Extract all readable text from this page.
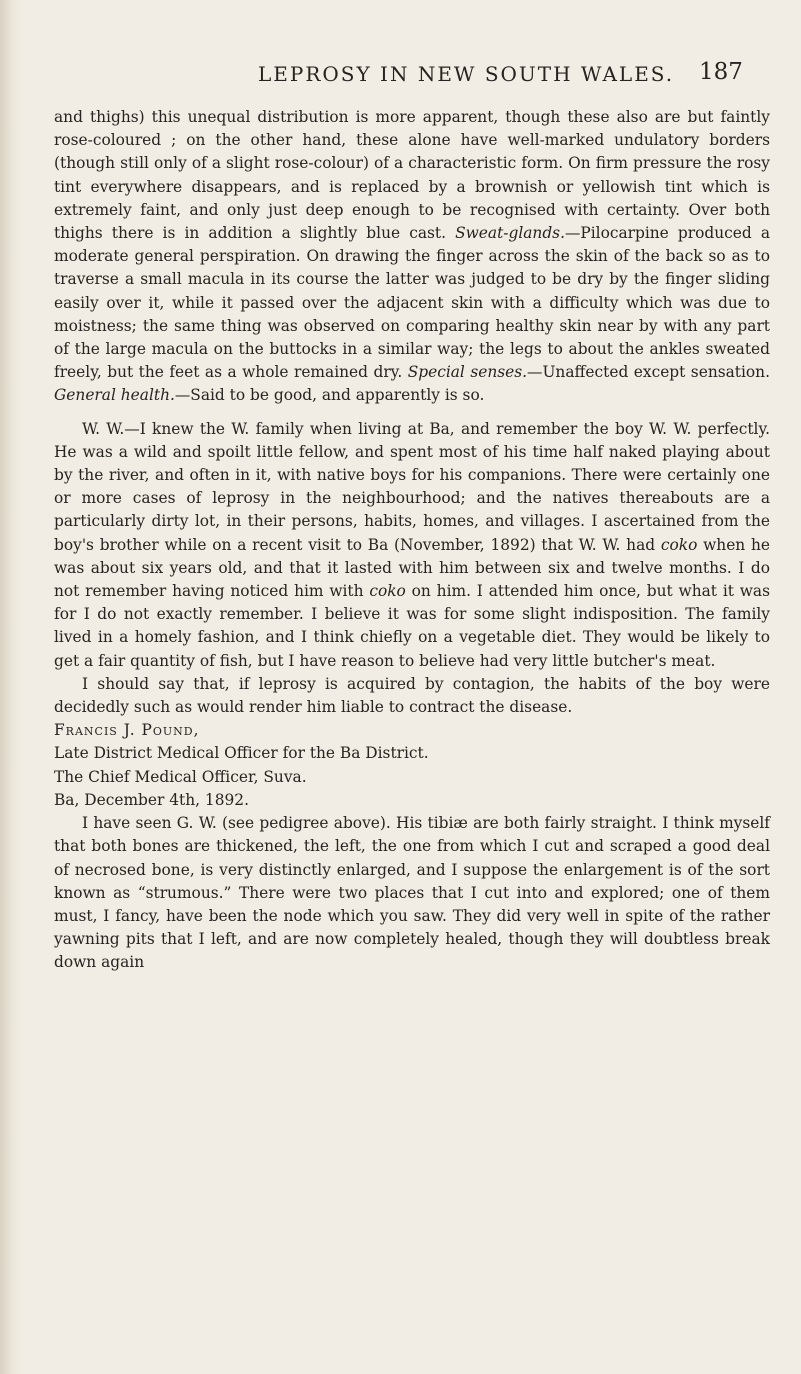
LEPROSY IN NEW SOUTH WALES. 187

and thighs) this unequal distribution is more apparent, though these also are but faintly rose-coloured ; on the other hand, these alone have well-marked undulatory borders (though still only of a slight rose-colour) of a characteristic form. On firm pressure the rosy tint everywhere disappears, and is replaced by a brownish or yellowish tint which is extremely faint, and only just deep enough to be recognised with certainty. Over both thighs there is in addition a slightly blue cast. Sweat-glands.—Pilocarpine produced a moderate general perspiration. On drawing the finger across the skin of the back so as to traverse a small macula in its course the latter was judged to be dry by the finger sliding easily over it, while it passed over the adjacent skin with a difficulty which was due to moistness; the same thing was observed on comparing healthy skin near by with any part of the large macula on the buttocks in a similar way; the legs to about the ankles sweated freely, but the feet as a whole remained dry. Special senses.—Unaffected except sensation. General health.—Said to be good, and apparently is so.

W. W.—I knew the W. family when living at Ba, and remember the boy W. W. perfectly. He was a wild and spoilt little fellow, and spent most of his time half naked playing about by the river, and often in it, with native boys for his companions. There were certainly one or more cases of leprosy in the neighbourhood; and the natives thereabouts are a particularly dirty lot, in their persons, habits, homes, and villages. I ascertained from the boy's brother while on a recent visit to Ba (November, 1892) that W. W. had coko when he was about six years old, and that it lasted with him between six and twelve months. I do not remember having noticed him with coko on him. I attended him once, but what it was for I do not exactly remember. I believe it was for some slight indisposition. The family lived in a homely fashion, and I think chiefly on a vegetable diet. They would be likely to get a fair quantity of fish, but I have reason to believe had very little butcher's meat.

I should say that, if leprosy is acquired by contagion, the habits of the boy were decidedly such as would render him liable to contract the disease.

Francis J. Pound,

Late District Medical Officer for the Ba District.

The Chief Medical Officer, Suva.

Ba, December 4th, 1892.

I have seen G. W. (see pedigree above). His tibiæ are both fairly straight. I think myself that both bones are thickened, the left, the one from which I cut and scraped a good deal of necrosed bone, is very distinctly enlarged, and I suppose the enlargement is of the sort known as “strumous.” There were two places that I cut into and explored; one of them must, I fancy, have been the node which you saw. They did very well in spite of the rather yawning pits that I left, and are now completely healed, though they will doubtless break down again
